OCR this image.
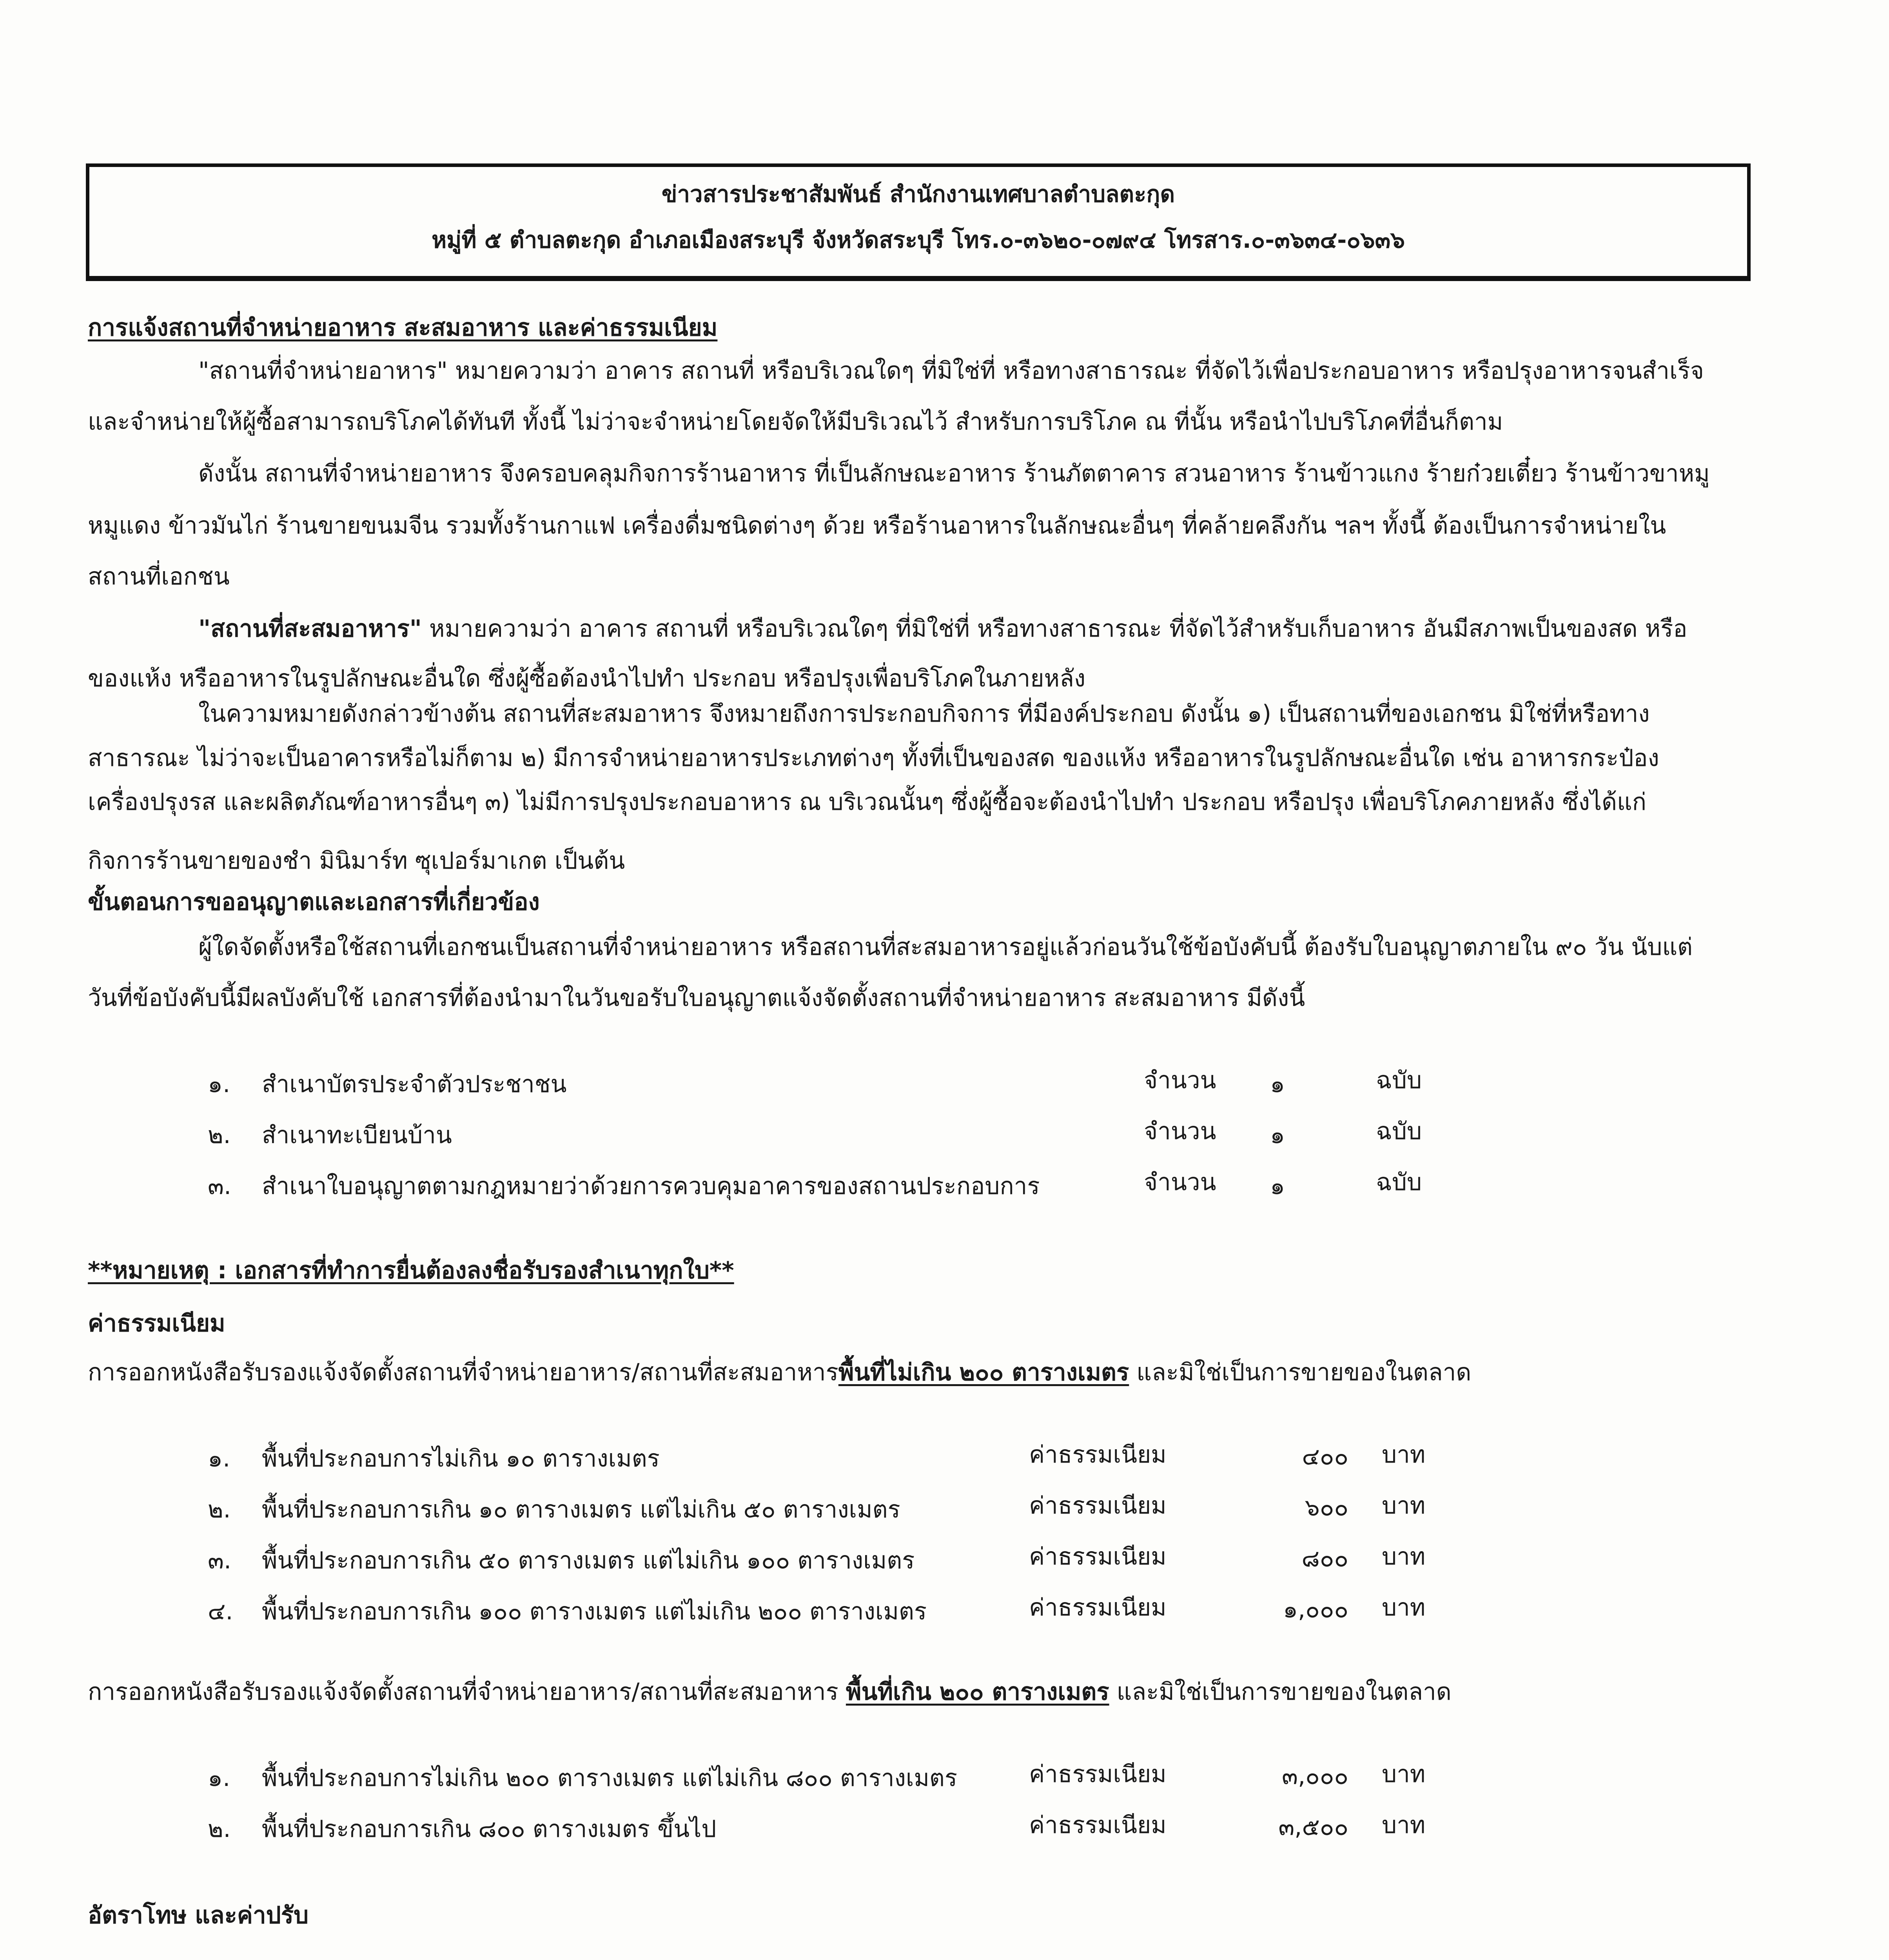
ข่าวสารประชาสัมพันธ์ สำนักงานเทศบาลตำบลตะกุด
หมู่ที่ ๕ ตำบลตะกุด อำเภอเมืองสระบุรี จังหวัดสระบุรี โทร.๐-๓๖๒๐-๐๗๙๔ โทรสาร.๐-๓๖๓๔-๐๖๓๖
การแจ้งสถานที่จำหน่ายอาหาร สะสมอาหาร และค่าธรรมเนียม
"สถานที่จำหน่ายอาหาร" หมายความว่า อาคาร สถานที่ หรือบริเวณใดๆ ที่มิใช่ที่ หรือทางสาธารณะ ที่จัดไว้เพื่อประกอบอาหาร หรือปรุงอาหารจนสำเร็จ
และจำหน่ายให้ผู้ซื้อสามารถบริโภคได้ทันที ทั้งนี้ ไม่ว่าจะจำหน่ายโดยจัดให้มีบริเวณไว้ สำหรับการบริโภค ณ ที่นั้น หรือนำไปบริโภคที่อื่นก็ตาม
ดังนั้น สถานที่จำหน่ายอาหาร จึงครอบคลุมกิจการร้านอาหาร ที่เป็นลักษณะอาหาร ร้านภัตตาคาร สวนอาหาร ร้านข้าวแกง ร้ายก๋วยเตี๋ยว ร้านข้าวขาหมู
หมูแดง ข้าวมันไก่ ร้านขายขนมจีน รวมทั้งร้านกาแฟ เครื่องดื่มชนิดต่างๆ ด้วย หรือร้านอาหารในลักษณะอื่นๆ ที่คล้ายคลึงกัน ฯลฯ ทั้งนี้ ต้องเป็นการจำหน่ายใน
สถานที่เอกชน
"สถานที่สะสมอาหาร" หมายความว่า อาคาร สถานที่ หรือบริเวณใดๆ ที่มิใช่ที่ หรือทางสาธารณะ ที่จัดไว้สำหรับเก็บอาหาร อันมีสภาพเป็นของสด หรือ
ของแห้ง หรืออาหารในรูปลักษณะอื่นใด ซึ่งผู้ซื้อต้องนำไปทำ ประกอบ หรือปรุงเพื่อบริโภคในภายหลัง
ในความหมายดังกล่าวข้างต้น สถานที่สะสมอาหาร จึงหมายถึงการประกอบกิจการ ที่มีองค์ประกอบ ดังนั้น ๑) เป็นสถานที่ของเอกชน มิใช่ที่หรือทาง
สาธารณะ ไม่ว่าจะเป็นอาคารหรือไม่ก็ตาม ๒) มีการจำหน่ายอาหารประเภทต่างๆ ทั้งที่เป็นของสด ของแห้ง หรืออาหารในรูปลักษณะอื่นใด เช่น อาหารกระป๋อง
เครื่องปรุงรส และผลิตภัณฑ์อาหารอื่นๆ ๓) ไม่มีการปรุงประกอบอาหาร ณ บริเวณนั้นๆ ซึ่งผู้ซื้อจะต้องนำไปทำ ประกอบ หรือปรุง เพื่อบริโภคภายหลัง ซึ่งได้แก่
กิจการร้านขายของชำ มินิมาร์ท ซุเปอร์มาเกต เป็นต้น
ขั้นตอนการขออนุญาตและเอกสารที่เกี่ยวข้อง
ผู้ใดจัดตั้งหรือใช้สถานที่เอกชนเป็นสถานที่จำหน่ายอาหาร หรือสถานที่สะสมอาหารอยู่แล้วก่อนวันใช้ข้อบังคับนี้ ต้องรับใบอนุญาตภายใน ๙๐ วัน นับแต่
วันที่ข้อบังคับนี้มีผลบังคับใช้ เอกสารที่ต้องนำมาในวันขอรับใบอนุญาตแจ้งจัดตั้งสถานที่จำหน่ายอาหาร สะสมอาหาร มีดังนี้
๑. สำเนาบัตรประจำตัวประชาชน	จำนวน ๑	ฉบับ
๒. สำเนาทะเบียนบ้าน	จำนวน ๑	ฉบับ
๓. สำเนาใบอนุญาตตามกฎหมายว่าด้วยการควบคุมอาคารของสถานประกอบการ	จำนวน ๑	ฉบับ
**หมายเหตุ : เอกสารที่ทำการยื่นต้องลงชื่อรับรองสำเนาทุกใบ**
ค่าธรรมเนียม
การออกหนังสือรับรองแจ้งจัดตั้งสถานที่จำหน่ายอาหาร/สถานที่สะสมอาหารพื้นที่ไม่เกิน ๒๐๐ ตารางเมตร และมิใช่เป็นการขายของในตลาด
๑. พื้นที่ประกอบการไม่เกิน ๑๐ ตารางเมตร	ค่าธรรมเนียม	๔๐๐ บาท
๒. พื้นที่ประกอบการเกิน ๑๐ ตารางเมตร แต่ไม่เกิน ๕๐ ตารางเมตร	ค่าธรรมเนียม	๖๐๐ บาท
๓. พื้นที่ประกอบการเกิน ๕๐ ตารางเมตร แต่ไม่เกิน ๑๐๐ ตารางเมตร	ค่าธรรมเนียม	๘๐๐ บาท
๔. พื้นที่ประกอบการเกิน ๑๐๐ ตารางเมตร แต่ไม่เกิน ๒๐๐ ตารางเมตร	ค่าธรรมเนียม	๑,๐๐๐ บาท
การออกหนังสือรับรองแจ้งจัดตั้งสถานที่จำหน่ายอาหาร/สถานที่สะสมอาหาร พื้นที่เกิน ๒๐๐ ตารางเมตร และมิใช่เป็นการขายของในตลาด
๑. พื้นที่ประกอบการไม่เกิน ๒๐๐ ตารางเมตร แต่ไม่เกิน ๘๐๐ ตารางเมตร	ค่าธรรมเนียม	๓,๐๐๐ บาท
๒. พื้นที่ประกอบการเกิน ๘๐๐ ตารางเมตร ขึ้นไป	ค่าธรรมเนียม	๓,๕๐๐ บาท
อัตราโทษ และค่าปรับ
